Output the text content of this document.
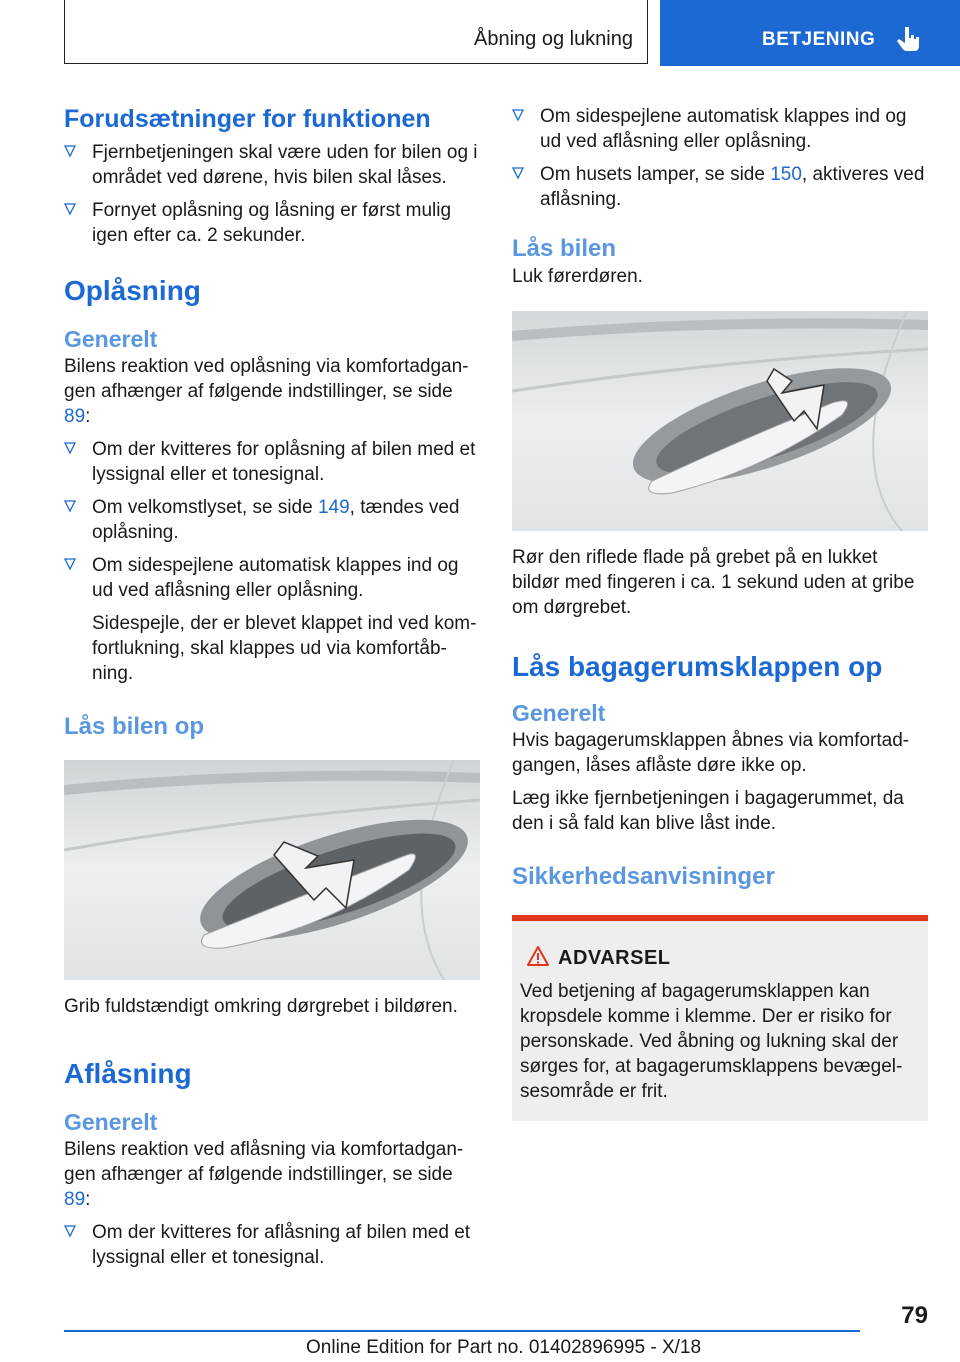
Åbning og lukning	BETJENING
Forudsætninger for funktionen
Fjernbetjeningen skal være uden for bilen og i området ved dørene, hvis bilen skal låses.
Fornyet oplåsning og låsning er først mulig igen efter ca. 2 sekunder.
Oplåsning
Generelt

Bilens reaktion ved oplåsning via komfortadgan-gen afhænger af følgende indstillinger, se side 89:

Om der kvitteres for oplåsning af bilen med et lyssignal eller et tonesignal.
Om velkomstlyset, se side 149, tændes ved oplåsning.
Om sidespejlene automatisk klappes ind og ud ved aflåsning eller oplåsning.
Sidespejle, der er blevet klappet ind ved kom-fortlukning, skal klappes ud via komfortåb-ning.
Lås bilen op

Grib fuldstændigt omkring dørgrebet i bildøren.

Aflåsning
Generelt

Bilens reaktion ved aflåsning via komfortadgan-gen afhænger af følgende indstillinger, se side 89:

Om der kvitteres for aflåsning af bilen med et lyssignal eller et tonesignal.
Om sidespejlene automatisk klappes ind og ud ved aflåsning eller oplåsning.
Om husets lamper, se side 150, aktiveres ved aflåsning.
Lås bilen

Luk førerdøren.

Rør den riflede flade på grebet på en lukket bildør med fingeren i ca. 1 sekund uden at gribe om dørgrebet.

Lås bagagerumsklappen op
Generelt

Hvis bagagerumsklappen åbnes via komfortad-gangen, låses aflåste døre ikke op.

Læg ikke fjernbetjeningen i bagagerummet, da den i så fald kan blive låst inde.

Sikkerhedsanvisninger
ADVARSEL

Ved betjening af bagagerumsklappen kan kropsdele komme i klemme. Der er risiko for personskade. Ved åbning og lukning skal der sørges for, at bagagerumsklappens bevægel-sesområde er frit.

79
Online Edition for Part no. 01402896995 - X/18
